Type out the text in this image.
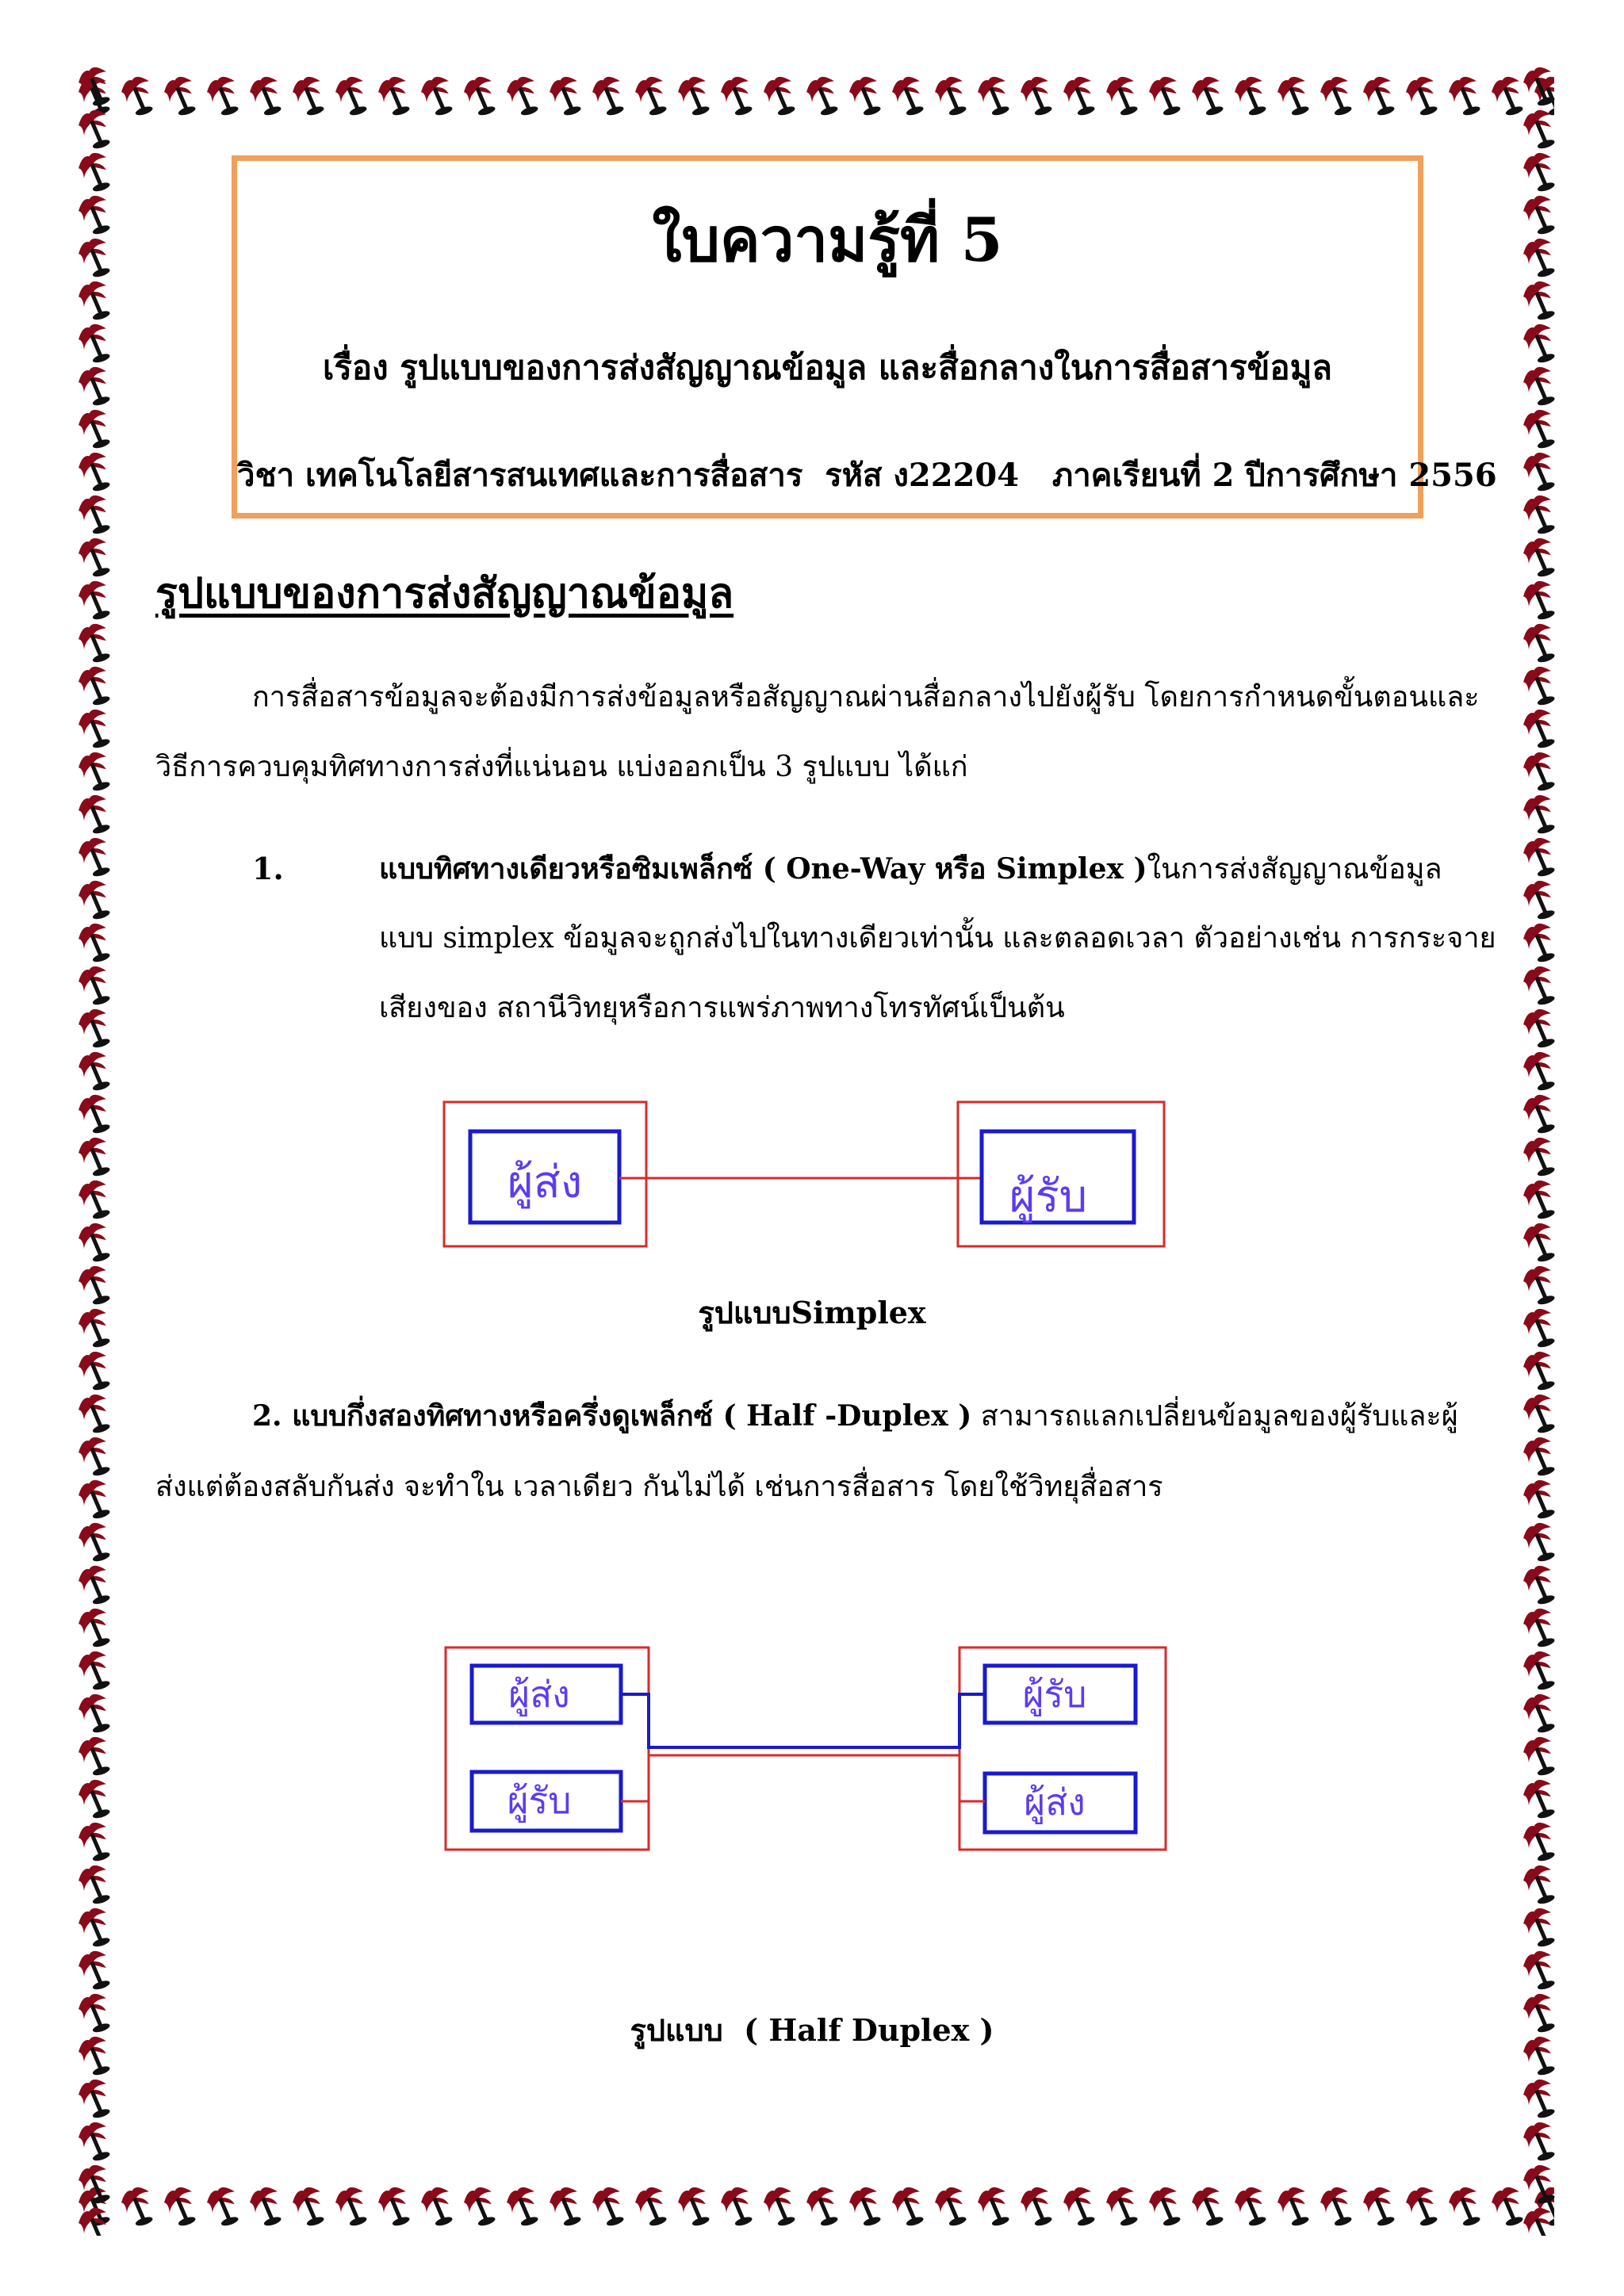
ใบความรู้ที่ 5
เรื่อง รูปแบบของการส่งสัญญาณข้อมูล และสื่อกลางในการสื่อสารข้อมูล
วิชา เทคโนโลยีสารสนเทศและการสื่อสาร  รหัส ง22204   ภาคเรียนที่ 2 ปีการศึกษา 2556
รูปแบบของการส่งสัญญาณข้อมูล
การสื่อสารข้อมูลจะต้องมีการส่งข้อมูลหรือสัญญาณผ่านสื่อกลางไปยังผู้รับ โดยการกำหนดขั้นตอนและ
วิธีการควบคุมทิศทางการส่งที่แน่นอน แบ่งออกเป็น 3 รูปแบบ ได้แก่
1.	แบบทิศทางเดียวหรือซิมเพล็กซ์ ( One-Way หรือ Simplex )ในการส่งสัญญาณข้อมูล
แบบ simplex ข้อมูลจะถูกส่งไปในทางเดียวเท่านั้น และตลอดเวลา ตัวอย่างเช่น การกระจาย
เสียงของ สถานีวิทยุหรือการแพร่ภาพทางโทรทัศน์เป็นต้น
รูปแบบSimplex
2. แบบกึ่งสองทิศทางหรือครึ่งดูเพล็กซ์ ( Half -Duplex ) สามารถแลกเปลี่ยนข้อมูลของผู้รับและผู้
ส่งแต่ต้องสลับกันส่ง จะทำใน เวลาเดียว กันไม่ได้ เช่นการสื่อสาร โดยใช้วิทยุสื่อสาร
รูปแบบ  ( Half Duplex )
ผู้ส่ง	ผู้รับ
ผู้ส่ง
ผู้รับ
ผู้รับ
ผู้ส่ง
